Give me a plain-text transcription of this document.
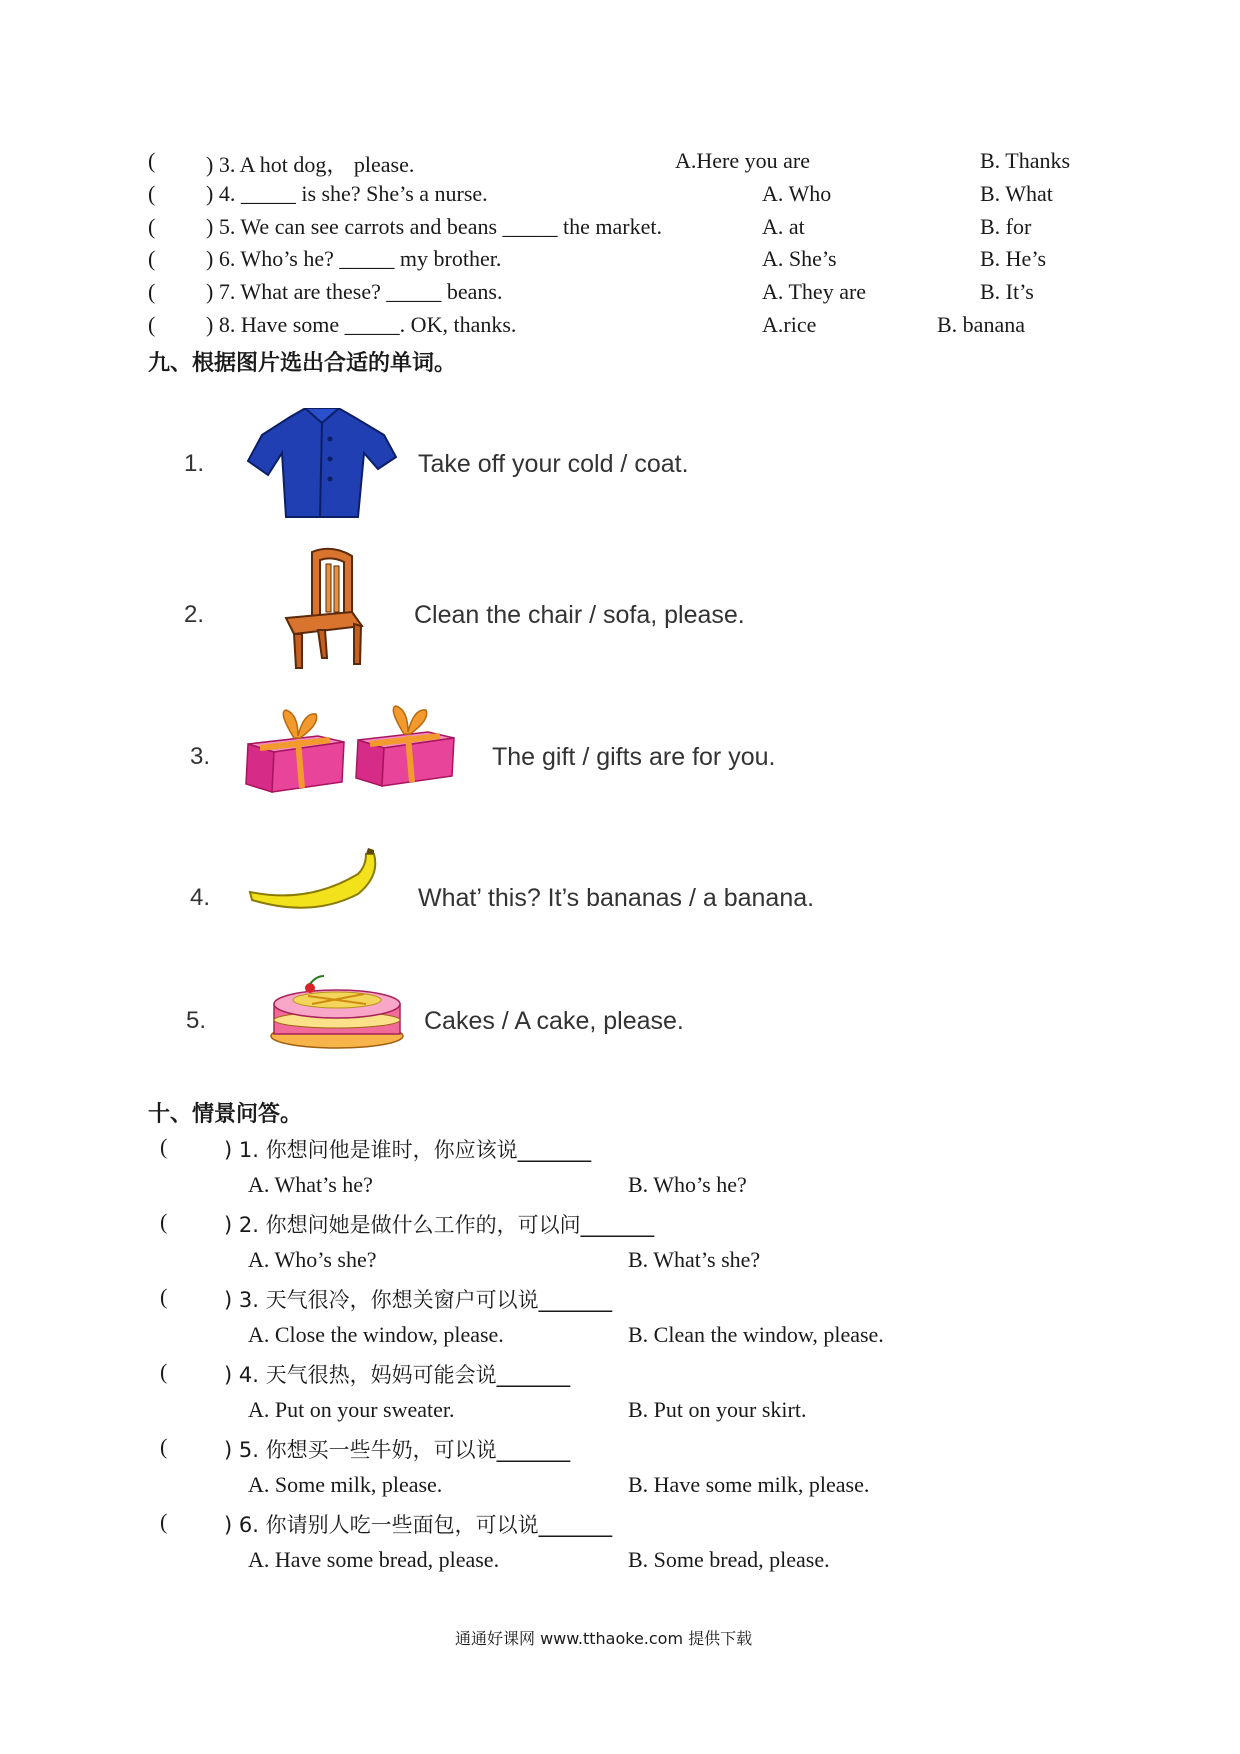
( ) 3. A hot dog， please.	A.Here you are	B. Thanks
( ) 4. _____ is she? She’s a nurse.	A. Who	B. What
( ) 5. We can see carrots and beans _____ the market.	A. at	B. for
( ) 6. Who’s he? _____ my brother.	A. She’s	B. He’s
( ) 7. What are these? _____ beans.	A. They are	B. It’s
( ) 8. Have some _____. OK, thanks.	A.rice	B. banana
九、根据图片选出合适的单词。
1.	Take off your cold / coat.
2.	Clean the chair / sofa, please.
3.	The gift / gifts are for you.
4.	What’ this? It’s bananas / a banana.
5.	Cakes / A cake, please.
十、情景问答。
(	) 1. 你想问他是谁时，你应该说_______
A. What’s he?	B. Who’s he?
(	) 2. 你想问她是做什么工作的，可以问_______
A. Who’s she?	B. What’s she?
(	) 3. 天气很冷，你想关窗户可以说_______
A. Close the window, please.	B. Clean the window, please.
(	) 4. 天气很热，妈妈可能会说_______
A. Put on your sweater.	B. Put on your skirt.
(	) 5. 你想买一些牛奶，可以说_______
A. Some milk, please.	B. Have some milk, please.
(	) 6. 你请别人吃一些面包，可以说_______
A. Have some bread, please.	B. Some bread, please.
通通好课网 www.tthaoke.com 提供下载
